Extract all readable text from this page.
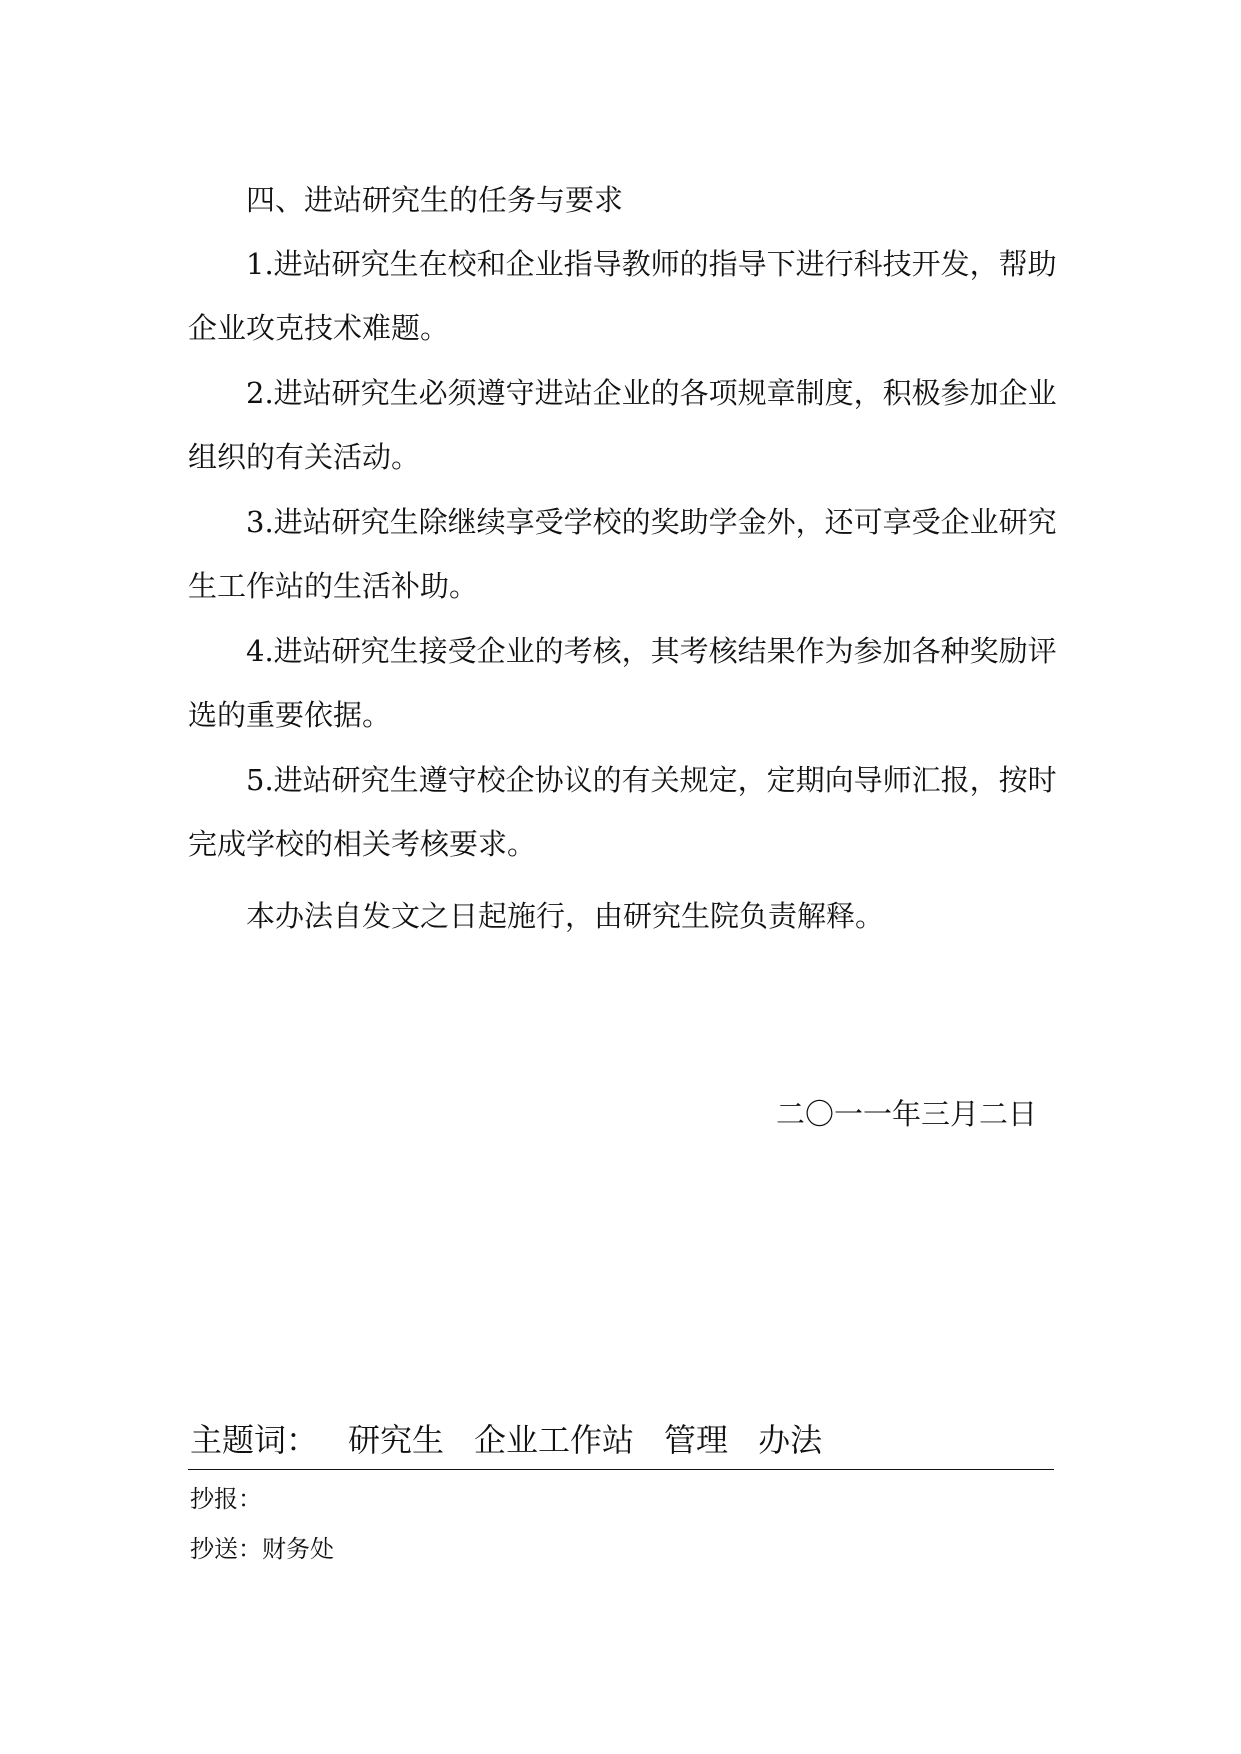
四、进站研究生的任务与要求

1.进站研究生在校和企业指导教师的指导下进行科技开发，帮助

企业攻克技术难题。

2.进站研究生必须遵守进站企业的各项规章制度，积极参加企业

组织的有关活动。

3.进站研究生除继续享受学校的奖助学金外，还可享受企业研究

生工作站的生活补助。

4.进站研究生接受企业的考核，其考核结果作为参加各种奖励评

选的重要依据。

5.进站研究生遵守校企协议的有关规定，定期向导师汇报，按时

完成学校的相关考核要求。

本办法自发文之日起施行，由研究生院负责解释。

二〇一一年三月二日

主题词： 研究生 企业工作站 管理 办法
抄报：
抄送：财务处
